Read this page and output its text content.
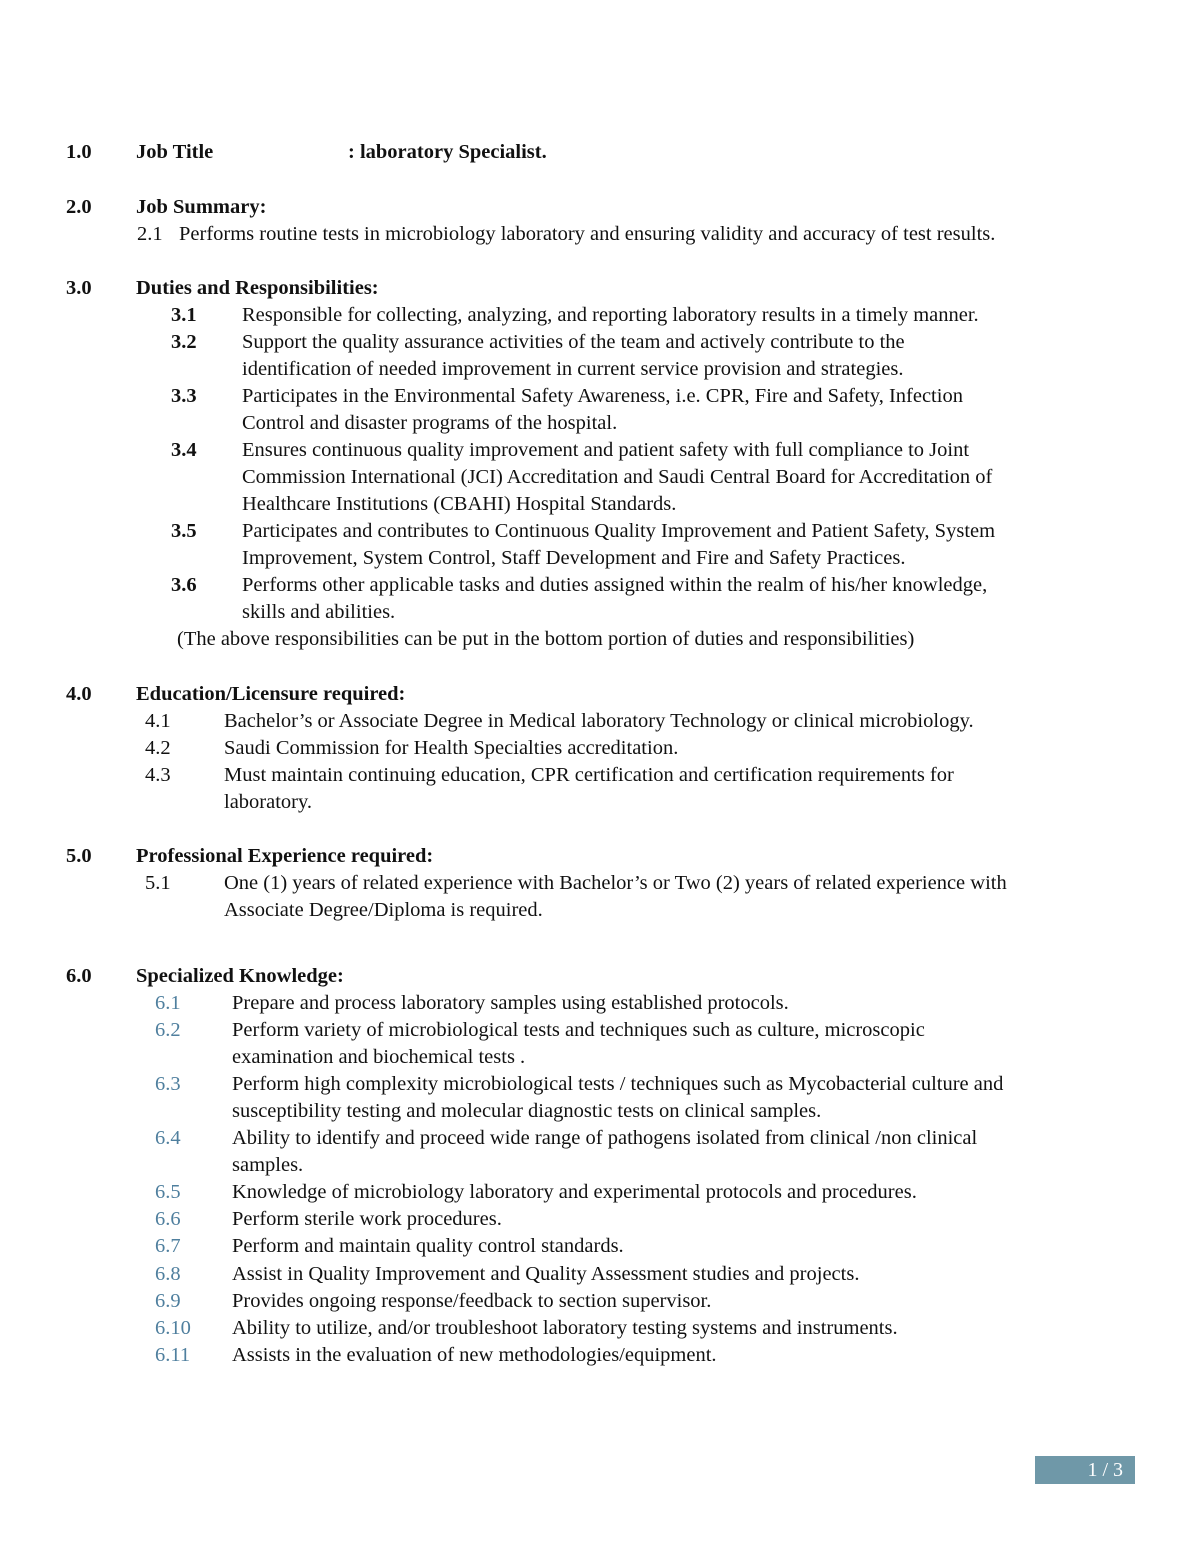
1.0 Job Title	: laboratory Specialist.
2.0 Job Summary:
2.1 Performs routine tests in microbiology laboratory and ensuring validity and accuracy of test results.
3.0 Duties and Responsibilities:
3.1 Responsible for collecting, analyzing, and reporting laboratory results in a timely manner.
3.2 Support the quality assurance activities of the team and actively contribute to the
identification of needed improvement in current service provision and strategies.
3.3 Participates in the Environmental Safety Awareness, i.e. CPR, Fire and Safety, Infection
Control and disaster programs of the hospital.
3.4 Ensures continuous quality improvement and patient safety with full compliance to Joint
Commission International (JCI) Accreditation and Saudi Central Board for Accreditation of
Healthcare Institutions (CBAHI) Hospital Standards.
3.5 Participates and contributes to Continuous Quality Improvement and Patient Safety, System
Improvement, System Control, Staff Development and Fire and Safety Practices.
3.6 Performs other applicable tasks and duties assigned within the realm of his/her knowledge,
skills and abilities.
(The above responsibilities can be put in the bottom portion of duties and responsibilities)
4.0 Education/Licensure required:
4.1	Bachelor’s or Associate Degree in Medical laboratory Technology or clinical microbiology.
4.2	Saudi Commission for Health Specialties accreditation.
4.3	Must maintain continuing education, CPR certification and certification requirements for
laboratory.
5.0 Professional Experience required:
5.1	One (1) years of related experience with Bachelor’s or Two (2) years of related experience with
Associate Degree/Diploma is required.
6.0 Specialized Knowledge:
6.1	Prepare and process laboratory samples using established protocols.
6.2	Perform variety of microbiological tests and techniques such as culture, microscopic
examination and biochemical tests .
6.3	Perform high complexity microbiological tests / techniques such as Mycobacterial culture and
susceptibility testing and molecular diagnostic tests on clinical samples.
6.4	Ability to identify and proceed wide range of pathogens isolated from clinical /non clinical
samples.
6.5	Knowledge of microbiology laboratory and experimental protocols and procedures.
6.6	Perform sterile work procedures.
6.7	Perform and maintain quality control standards.
6.8	Assist in Quality Improvement and Quality Assessment studies and projects.
6.9	Provides ongoing response/feedback to section supervisor.
6.10 Ability to utilize, and/or troubleshoot laboratory testing systems and instruments.
6.11 Assists in the evaluation of new methodologies/equipment.
1 / 3
